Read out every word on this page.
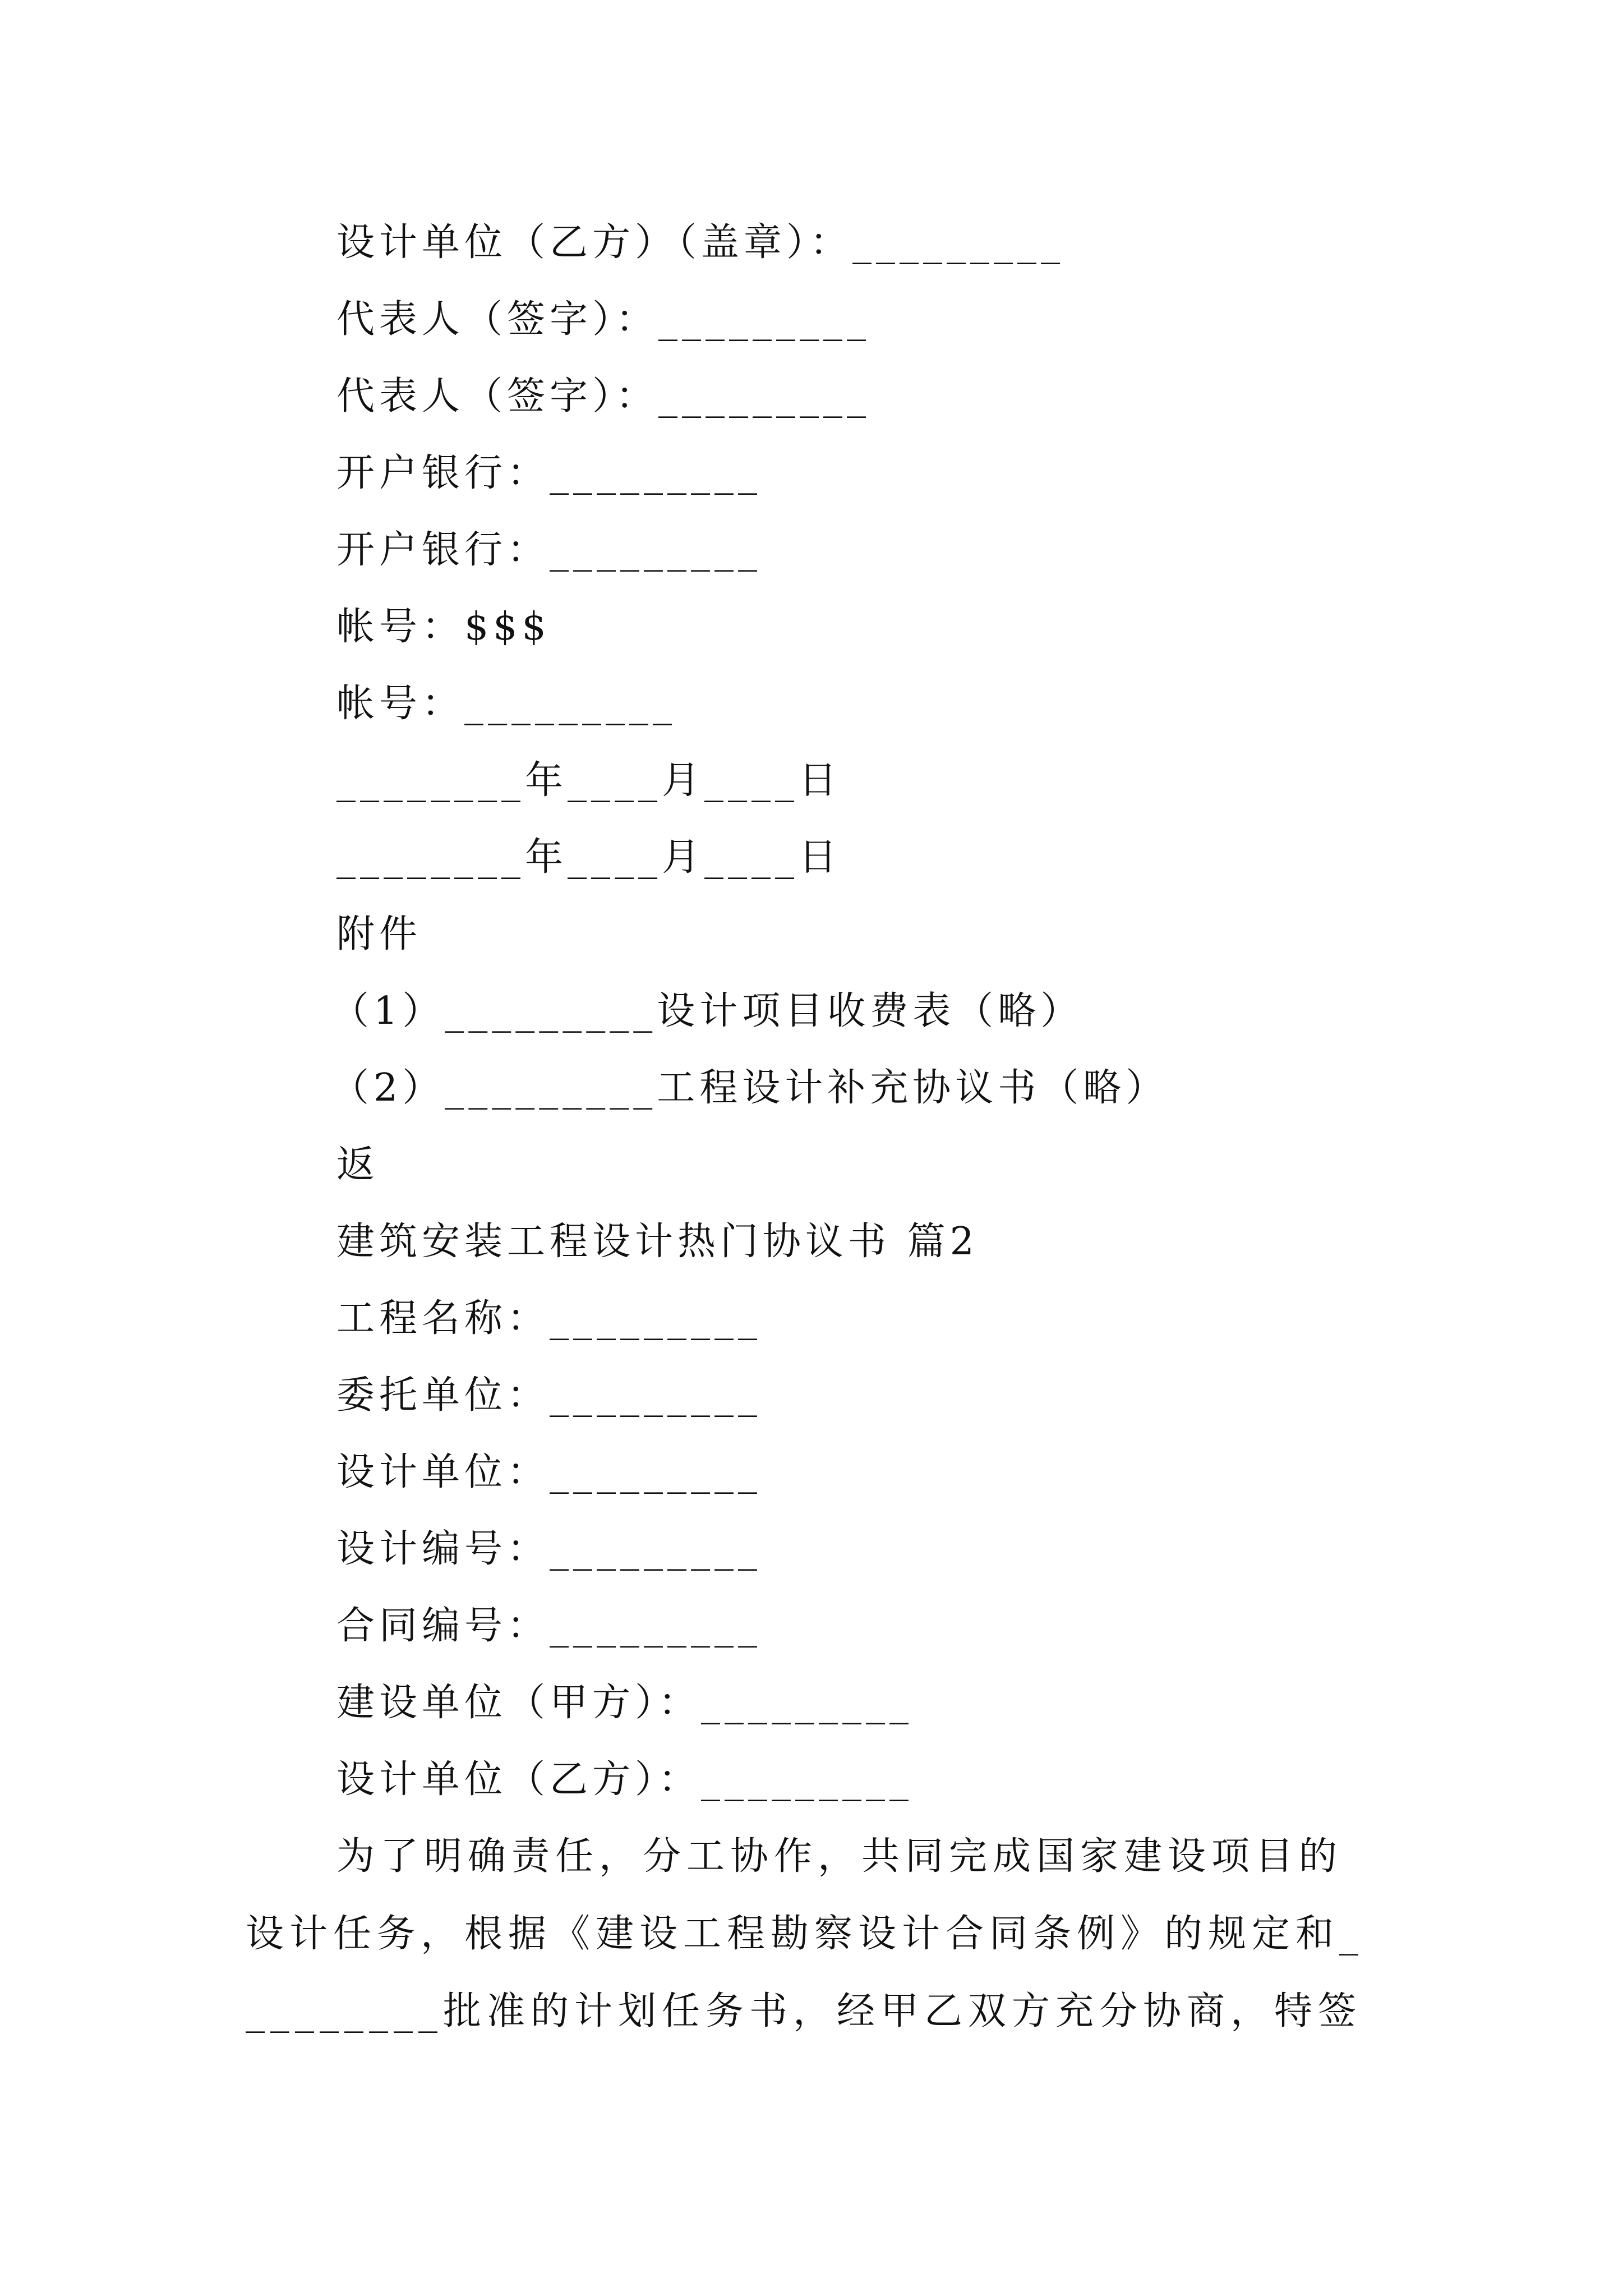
设计单位（乙方）（盖章）：_________
代表人（签字）：_________
代表人（签字）：_________
开户银行：_________
开户银行：_________
帐号：$$$
帐号：_________
________年____月____日
________年____月____日
附件
（1）_________设计项目收费表（略）
（2）_________工程设计补充协议书（略）
返
建筑安装工程设计热门协议书 篇2
工程名称：_________
委托单位：_________
设计单位：_________
设计编号：_________
合同编号：_________
建设单位（甲方）：_________
设计单位（乙方）：_________
为了明确责任，分工协作，共同完成国家建设项目的设计任务，根据《建设工程勘察设计合同条例》的规定和_________批准的计划任务书，经甲乙双方充分协商，特签
